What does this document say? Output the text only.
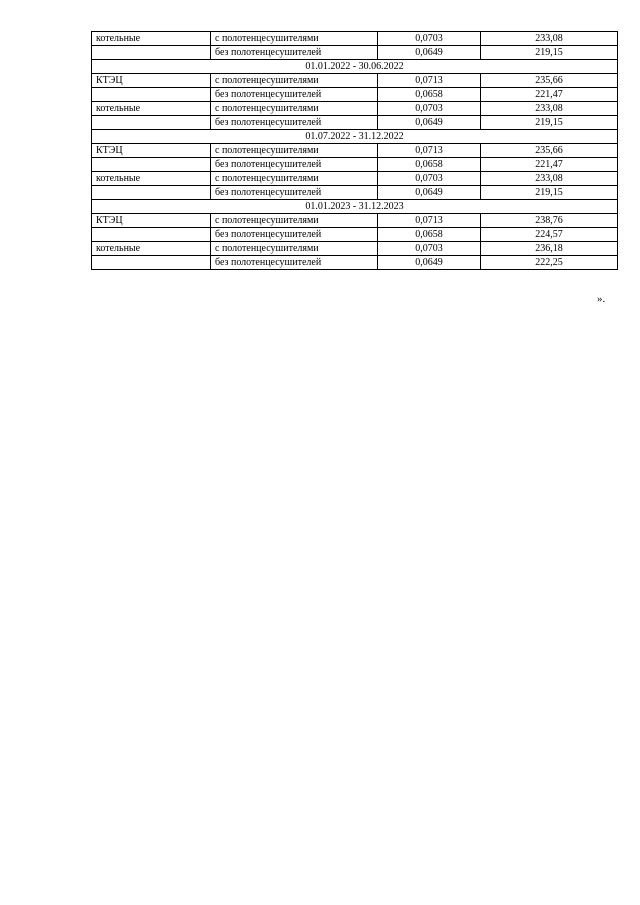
котельные	с полотенцесушителями	0,0703	233,08
	без полотенцесушителей	0,0649	219,15
01.01.2022 - 30.06.2022			
КТЭЦ	с полотенцесушителями	0,0713	235,66
	без полотенцесушителей	0,0658	221,47
котельные	с полотенцесушителями	0,0703	233,08
	без полотенцесушителей	0,0649	219,15
01.07.2022 - 31.12.2022			
КТЭЦ	с полотенцесушителями	0,0713	235,66
	без полотенцесушителей	0,0658	221,47
котельные	с полотенцесушителями	0,0703	233,08
	без полотенцесушителей	0,0649	219,15
01.01.2023 - 31.12.2023			
КТЭЦ	с полотенцесушителями	0,0713	238,76
	без полотенцесушителей	0,0658	224,57
котельные	с полотенцесушителями	0,0703	236,18
	без полотенцесушителей	0,0649	222,25
».
